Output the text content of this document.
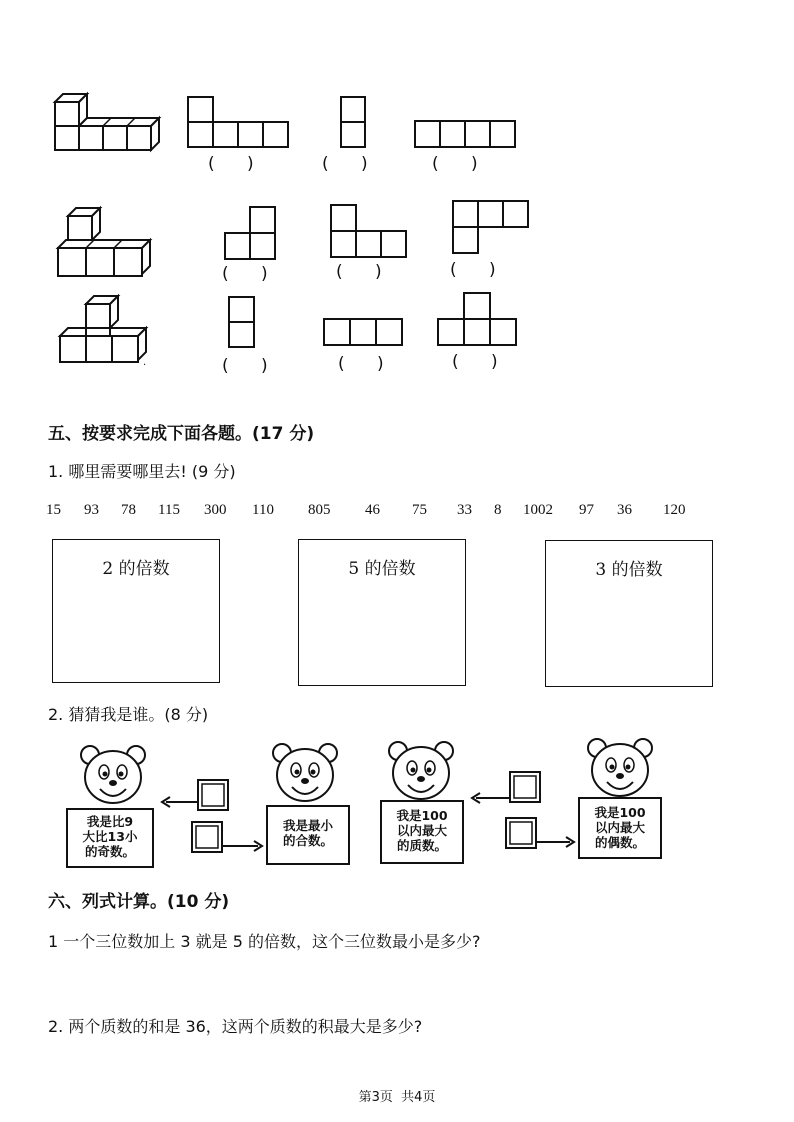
(      )	(      )	(      )
(      )	(      )	(      )
·	(      )	(      )	(      )
五、按要求完成下面各题。(17 分)
1. 哪里需要哪里去! (9 分)
15 93 78 115 300 110 805 46 75 33 8 1002 97 36 120
2 的倍数	5 的倍数	3 的倍数
2. 猜猜我是谁。(8 分)
我是比9
大比13小
的奇数。
我是最小
的合数。
我是100
以内最大
的质数。
我是100
以内最大
的偶数。
六、列式计算。(10 分)
1 一个三位数加上 3 就是 5 的倍数，这个三位数最小是多少?
2. 两个质数的和是 36，这两个质数的积最大是多少?
第3页 共4页
